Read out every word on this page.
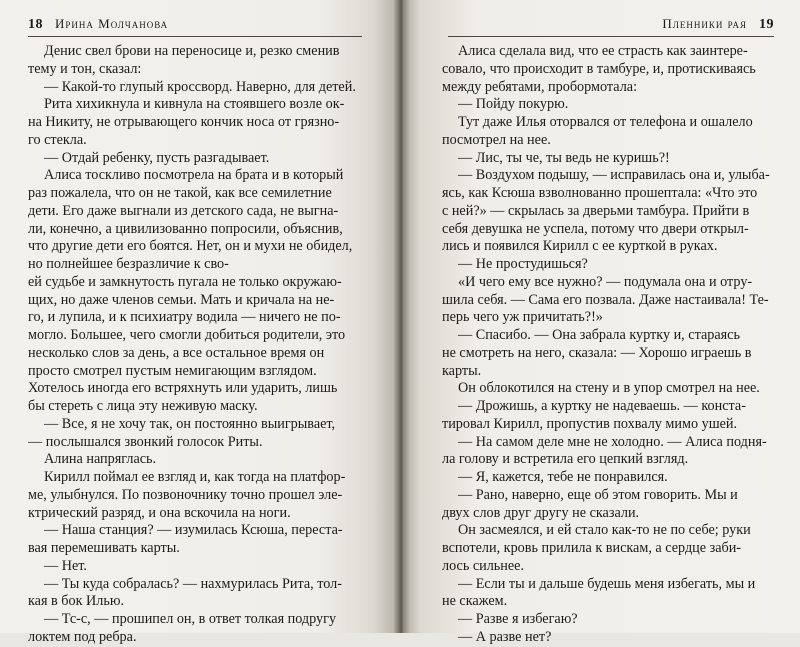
18 Ирина Молчанова
Денис свел брови на переносице и, резко сменив
тему и тон, сказал:
— Какой-то глупый кроссворд. Наверно, для детей.
Рита хихикнула и кивнула на стоявшего возле ок-
на Никиту, не отрывающего кончик носа от грязно-
го стекла.
— Отдай ребенку, пусть разгадывает.
Алиса тоскливо посмотрела на брата и в который
раз пожалела, что он не такой, как все семилетние
дети. Его даже выгнали из детского сада, не выгна-
ли, конечно, а цивилизованно попросили, объяснив,
что другие дети его боятся. Нет, он и мухи не обидел,
но полнейшее безразличие к сво-
ей судьбе и замкнутость пугала не только окружаю-
щих, но даже членов семьи. Мать и кричала на не-
го, и лупила, и к психиатру водила — ничего не по-
могло. Большее, чего смогли добиться родители, это
несколько слов за день, а все остальное время он
просто смотрел пустым немигающим взглядом.
Хотелось иногда его встряхнуть или ударить, лишь
бы стереть с лица эту неживую маску.
— Все, я не хочу так, он постоянно выигрывает,
— послышался звонкий голосок Риты.
Алина напряглась.
Кирилл поймал ее взгляд и, как тогда на платфор-
ме, улыбнулся. По позвоночнику точно прошел эле-
ктрический разряд, и она вскочила на ноги.
— Наша станция? — изумилась Ксюша, переста-
вая перемешивать карты.
— Нет.
— Ты куда собралась? — нахмурилась Рита, тол-
кая в бок Илью.
— Тс-с, — прошипел он, в ответ толкая подругу
локтем под ребра.
Пленники рая 19
Алиса сделала вид, что ее страсть как заинтере-
совало, что происходит в тамбуре, и, протискиваясь
между ребятами, пробормотала:
— Пойду покурю.
Тут даже Илья оторвался от телефона и ошалело
посмотрел на нее.
— Лис, ты че, ты ведь не куришь?!
— Воздухом подышу, — исправилась она и, улыба-
ясь, как Ксюша взволнованно прошептала: «Что это
с ней?» — скрылась за дверьми тамбура. Прийти в
себя девушка не успела, потому что двери открыл-
лись и появился Кирилл с ее курткой в руках.
— Не простудишься?
«И чего ему все нужно? — подумала она и отру-
шила себя. — Сама его позвала. Даже настаивала! Те-
перь чего уж причитать?!»
— Спасибо. — Она забрала куртку и, стараясь
не смотреть на него, сказала: — Хорошо играешь в
карты.
Он облокотился на стену и в упор смотрел на нее.
— Дрожишь, а куртку не надеваешь. — конста-
тировал Кирилл, пропустив похвалу мимо ушей.
— На самом деле мне не холодно. — Алиса подня-
ла голову и встретила его цепкий взгляд.
— Я, кажется, тебе не понравился.
— Рано, наверно, еще об этом говорить. Мы и
двух слов друг другу не сказали.
Он засмеялся, и ей стало как-то не по себе; руки
вспотели, кровь прилила к вискам, а сердце заби-
лось сильнее.
— Если ты и дальше будешь меня избегать, мы и
не скажем.
— Разве я избегаю?
— А разве нет?
